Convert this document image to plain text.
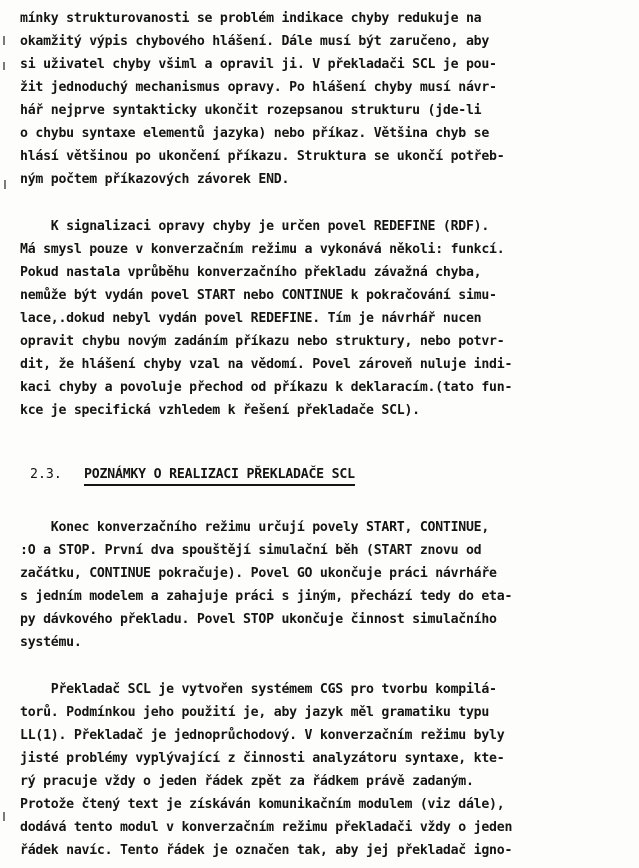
mínky strukturovanosti se problém indikace chyby redukuje na
okamžitý výpis chybového hlášení. Dále musí být zaručeno, aby
si uživatel chyby všiml a opravil ji. V překladači SCL je pou-
žit jednoduchý mechanismus opravy. Po hlášení chyby musí návr-
hář nejprve syntakticky ukončit rozepsanou strukturu (jde-li
o chybu syntaxe elementů jazyka) nebo příkaz. Většina chyb se
hlásí většinou po ukončení příkazu. Struktura se ukončí potřeb-
ným počtem příkazových závorek END.
K signalizaci opravy chyby je určen povel REDEFINE (RDF).
Má smysl pouze v konverzačním režimu a vykonává několi: funkcí.
Pokud nastala vprůběhu konverzačního překladu závažná chyba,
nemůže být vydán povel START nebo CONTINUE k pokračování simu-
lace,.dokud nebyl vydán povel REDEFINE. Tím je návrhář nucen
opravit chybu novým zadáním příkazu nebo struktury, nebo potvr-
dit, že hlášení chyby vzal na vědomí. Povel zároveň nuluje indi-
kaci chyby a povoluje přechod od příkazu k deklaracím.(tato fun-
kce je specifická vzhledem k řešení překladače SCL).
2.3. POZNÁMKY O REALIZACI PŘEKLADAČE SCL
Konec konverzačního režimu určují povely START, CONTINUE,
:O a STOP. První dva spouštějí simulační běh (START znovu od
začátku, CONTINUE pokračuje). Povel GO ukončuje práci návrháře
s jedním modelem a zahajuje práci s jiným, přechází tedy do eta-
py dávkového překladu. Povel STOP ukončuje činnost simulačního
systému.
Překladač SCL je vytvořen systémem CGS pro tvorbu kompilá-
torů. Podmínkou jeho použití je, aby jazyk měl gramatiku typu
LL(1). Překladač je jednoprůchodový. V konverzačním režimu byly
jisté problémy vyplývající z činnosti analyzátoru syntaxe, kte-
rý pracuje vždy o jeden řádek zpět za řádkem právě zadaným.
Protože čtený text je získáván komunikačním modulem (viz dále),
dodává tento modul v konverzačním režimu překladači vždy o jeden
řádek navíc. Tento řádek je označen tak, aby jej překladač igno-
